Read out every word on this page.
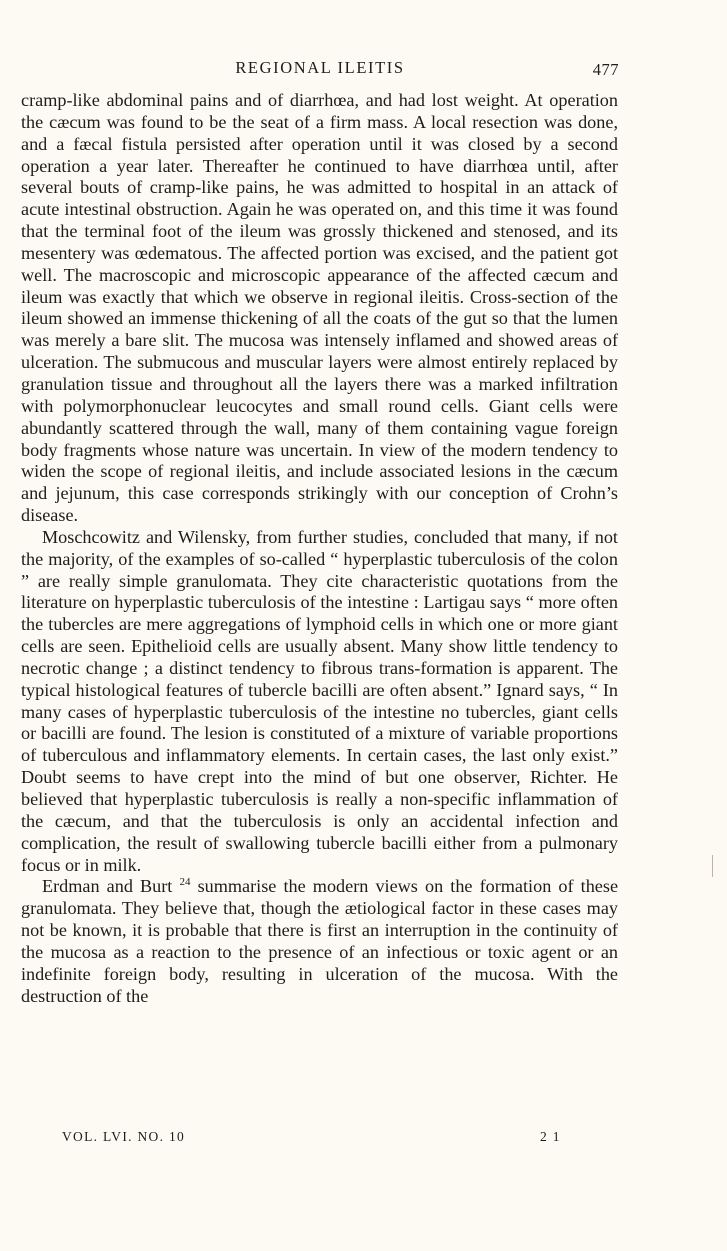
REGIONAL ILEITIS	477

cramp-like abdominal pains and of diarrhœa, and had lost weight. At operation the cæcum was found to be the seat of a firm mass. A local resection was done, and a fæcal fistula persisted after operation until it was closed by a second operation a year later. Thereafter he continued to have diarrhœa until, after several bouts of cramp-like pains, he was admitted to hospital in an attack of acute intestinal obstruction. Again he was operated on, and this time it was found that the terminal foot of the ileum was grossly thickened and stenosed, and its mesentery was œdematous. The affected portion was excised, and the patient got well. The macroscopic and microscopic appearance of the affected cæcum and ileum was exactly that which we observe in regional ileitis. Cross-section of the ileum showed an immense thickening of all the coats of the gut so that the lumen was merely a bare slit. The mucosa was intensely inflamed and showed areas of ulceration. The submucous and muscular layers were almost entirely replaced by granulation tissue and throughout all the layers there was a marked infiltration with polymorphonuclear leucocytes and small round cells. Giant cells were abundantly scattered through the wall, many of them containing vague foreign body fragments whose nature was uncertain. In view of the modern tendency to widen the scope of regional ileitis, and include associated lesions in the cæcum and jejunum, this case corresponds strikingly with our conception of Crohn’s disease.

Moschcowitz and Wilensky, from further studies, concluded that many, if not the majority, of the examples of so-called “ hyperplastic tuberculosis of the colon ” are really simple granulomata. They cite characteristic quotations from the literature on hyperplastic tuberculosis of the intestine : Lartigau says “ more often the tubercles are mere aggregations of lymphoid cells in which one or more giant cells are seen. Epithelioid cells are usually absent. Many show little tendency to necrotic change ; a distinct tendency to fibrous trans-formation is apparent. The typical histological features of tubercle bacilli are often absent.” Ignard says, “ In many cases of hyperplastic tuberculosis of the intestine no tubercles, giant cells or bacilli are found. The lesion is constituted of a mixture of variable proportions of tuberculous and inflammatory elements. In certain cases, the last only exist.” Doubt seems to have crept into the mind of but one observer, Richter. He believed that hyperplastic tuberculosis is really a non-specific inflammation of the cæcum, and that the tuberculosis is only an accidental infection and complication, the result of swallowing tubercle bacilli either from a pulmonary focus or in milk.

Erdman and Burt $^{24}$ summarise the modern views on the formation of these granulomata. They believe that, though the ætiological factor in these cases may not be known, it is probable that there is first an interruption in the continuity of the mucosa as a reaction to the presence of an infectious or toxic agent or an indefinite foreign body, resulting in ulceration of the mucosa. With the destruction of the

VOL. LVI. NO. 10	2 1
